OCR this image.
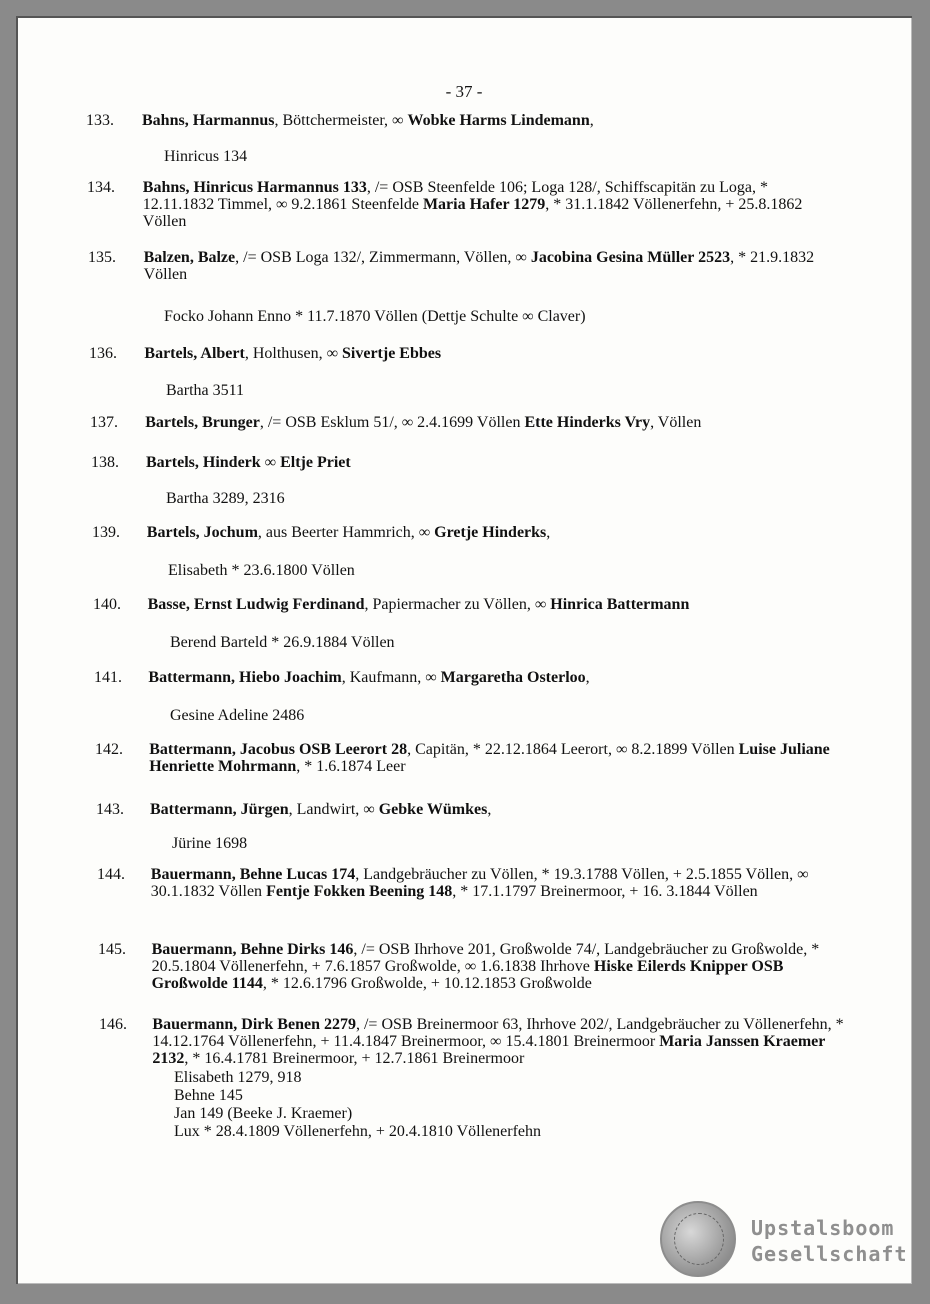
- 37 -
133.	Bahns, Harmannus, Böttchermeister, ∞ Wobke Harms Lindemann,
Hinricus 134
134.	Bahns, Hinricus Harmannus 133, /= OSB Steenfelde 106; Loga 128/, Schiffscapitän zu Loga, * 12.11.1832 Timmel, ∞ 9.2.1861 Steenfelde Maria Hafer 1279, * 31.1.1842 Völlenerfehn, + 25.8.1862 Völlen
135.	Balzen, Balze, /= OSB Loga 132/, Zimmermann, Völlen, ∞ Jacobina Gesina Müller 2523, * 21.9.1832 Völlen
Focko Johann Enno * 11.7.1870 Völlen (Dettje Schulte ∞ Claver)
136.	Bartels, Albert, Holthusen, ∞ Sivertje Ebbes
Bartha 3511
137.	Bartels, Brunger, /= OSB Esklum 51/, ∞ 2.4.1699 Völlen Ette Hinderks Vry, Völlen
138.	Bartels, Hinderk ∞ Eltje Priet
Bartha 3289, 2316
139.	Bartels, Jochum, aus Beerter Hammrich, ∞ Gretje Hinderks,
Elisabeth * 23.6.1800 Völlen
140.	Basse, Ernst Ludwig Ferdinand, Papiermacher zu Völlen, ∞ Hinrica Battermann
Berend Barteld * 26.9.1884 Völlen
141.	Battermann, Hiebo Joachim, Kaufmann, ∞ Margaretha Osterloo,
Gesine Adeline 2486
142.	Battermann, Jacobus OSB Leerort 28, Capitän, * 22.12.1864 Leerort, ∞ 8.2.1899 Völlen Luise Juliane Henriette Mohrmann, * 1.6.1874 Leer
143.	Battermann, Jürgen, Landwirt, ∞ Gebke Wümkes,
Jürine 1698
144.	Bauermann, Behne Lucas 174, Landgebräucher zu Völlen, * 19.3.1788 Völlen, + 2.5.1855 Völlen, ∞ 30.1.1832 Völlen Fentje Fokken Beening 148, * 17.1.1797 Breinermoor, + 16. 3.1844 Völlen
145.	Bauermann, Behne Dirks 146, /= OSB Ihrhove 201, Großwolde 74/, Landgebräucher zu Großwolde, * 20.5.1804 Völlenerfehn, + 7.6.1857 Großwolde, ∞ 1.6.1838 Ihrhove Hiske Eilerds Knipper OSB Großwolde 1144, * 12.6.1796 Großwolde, + 10.12.1853 Großwolde
146.	Bauermann, Dirk Benen 2279, /= OSB Breinermoor 63, Ihrhove 202/, Landgebräucher zu Völlenerfehn, * 14.12.1764 Völlenerfehn, + 11.4.1847 Breinermoor, ∞ 15.4.1801 Breinermoor Maria Janssen Kraemer 2132, * 16.4.1781 Breinermoor, + 12.7.1861 Breinermoor
Elisabeth 1279, 918
Behne 145
Jan 149 (Beeke J. Kraemer)
Lux * 28.4.1809 Völlenerfehn, + 20.4.1810 Völlenerfehn
Upstalsboom
Gesellschaft
